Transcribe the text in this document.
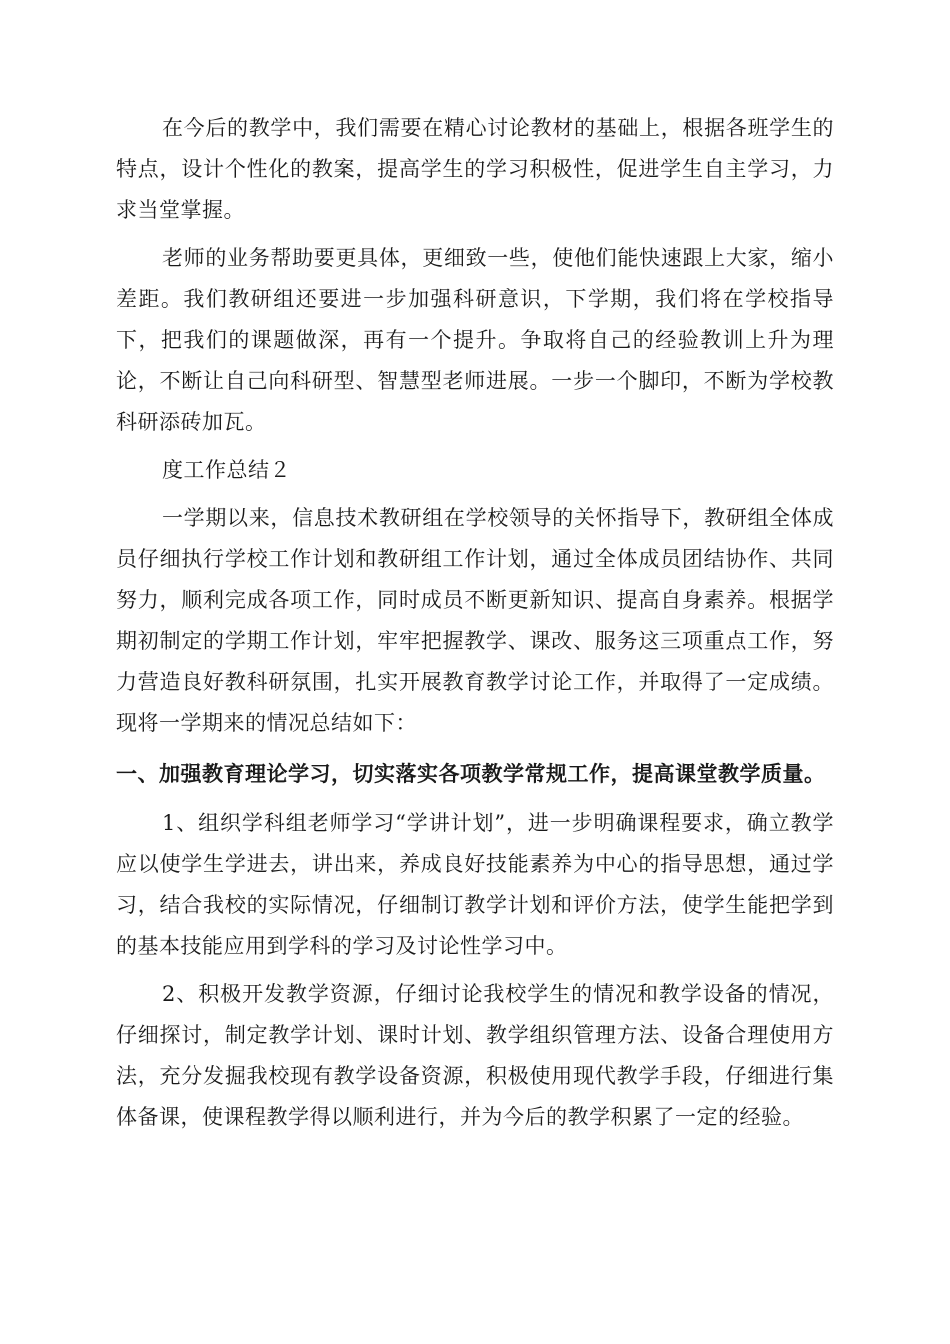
在今后的教学中，我们需要在精心讨论教材的基础上，根据各班学生的特点，设计个性化的教案，提高学生的学习积极性，促进学生自主学习，力求当堂掌握。

老师的业务帮助要更具体，更细致一些，使他们能快速跟上大家，缩小差距。我们教研组还要进一步加强科研意识，下学期，我们将在学校指导下，把我们的课题做深，再有一个提升。争取将自己的经验教训上升为理论，不断让自己向科研型、智慧型老师进展。一步一个脚印，不断为学校教科研添砖加瓦。

度工作总结２

一学期以来，信息技术教研组在学校领导的关怀指导下，教研组全体成员仔细执行学校工作计划和教研组工作计划，通过全体成员团结协作、共同努力，顺利完成各项工作，同时成员不断更新知识、提高自身素养。根据学期初制定的学期工作计划，牢牢把握教学、课改、服务这三项重点工作，努力营造良好教科研氛围，扎实开展教育教学讨论工作，并取得了一定成绩。现将一学期来的情况总结如下：

一、加强教育理论学习，切实落实各项教学常规工作，提高课堂教学质量。

1、组织学科组老师学习“学讲计划”，进一步明确课程要求，确立教学应以使学生学进去，讲出来，养成良好技能素养为中心的指导思想，通过学习，结合我校的实际情况，仔细制订教学计划和评价方法，使学生能把学到的基本技能应用到学科的学习及讨论性学习中。

2、积极开发教学资源，仔细讨论我校学生的情况和教学设备的情况，仔细探讨，制定教学计划、课时计划、教学组织管理方法、设备合理使用方法，充分发掘我校现有教学设备资源，积极使用现代教学手段，仔细进行集体备课，使课程教学得以顺利进行，并为今后的教学积累了一定的经验。
